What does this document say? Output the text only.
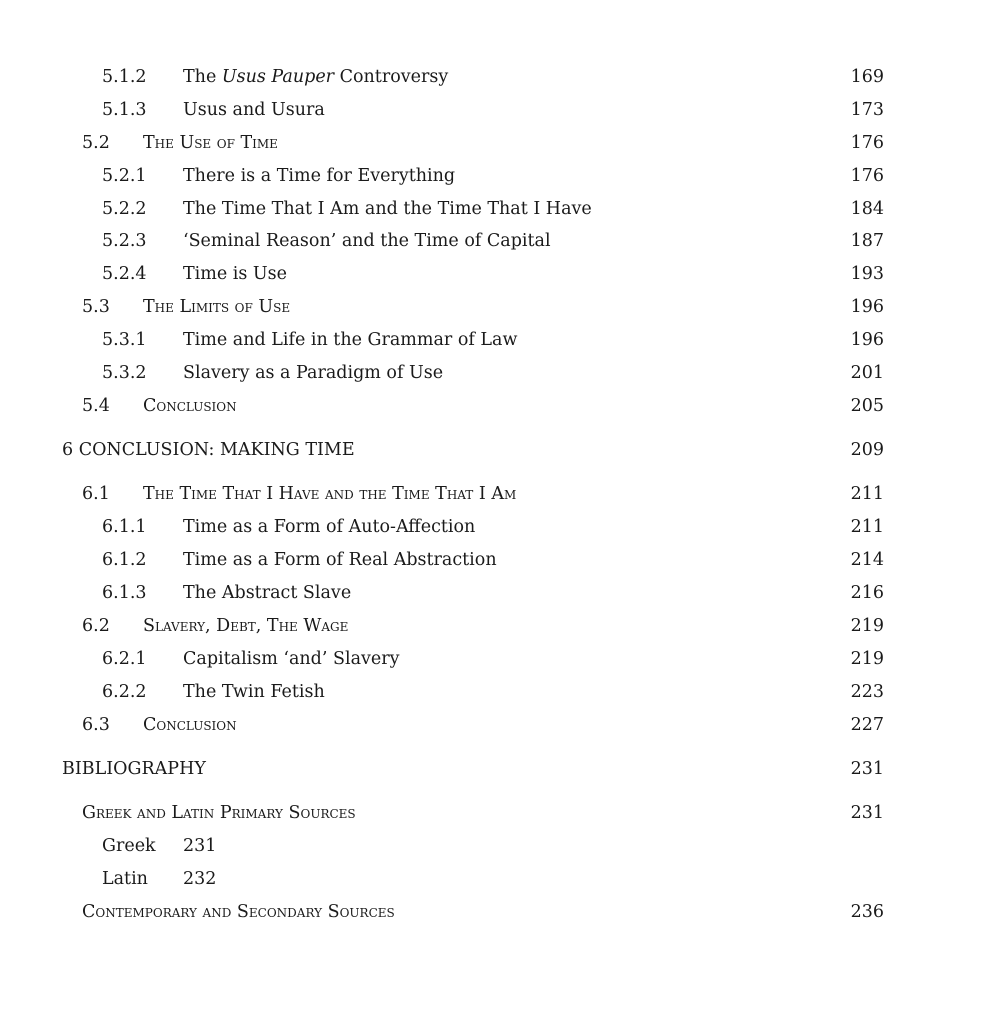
5.1.2 The Usus Pauper Controversy	169
5.1.3 Usus and Usura	173
5.2 The Use of Time	176
5.2.1 There is a Time for Everything	176
5.2.2 The Time That I Am and the Time That I Have	184
5.2.3 ‘Seminal Reason’ and the Time of Capital	187
5.2.4 Time is Use	193
5.3 The Limits of Use	196
5.3.1 Time and Life in the Grammar of Law	196
5.3.2 Slavery as a Paradigm of Use	201
5.4 Conclusion	205
6 CONCLUSION: MAKING TIME	209
6.1 The Time That I Have and the Time That I Am	211
6.1.1 Time as a Form of Auto-Affection	211
6.1.2 Time as a Form of Real Abstraction	214
6.1.3 The Abstract Slave	216
6.2 Slavery, Debt, The Wage	219
6.2.1 Capitalism ‘and’ Slavery	219
6.2.2 The Twin Fetish	223
6.3 Conclusion	227
BIBLIOGRAPHY	231
Greek and Latin Primary Sources	231
Greek 231
Latin 232
Contemporary and Secondary Sources	236
